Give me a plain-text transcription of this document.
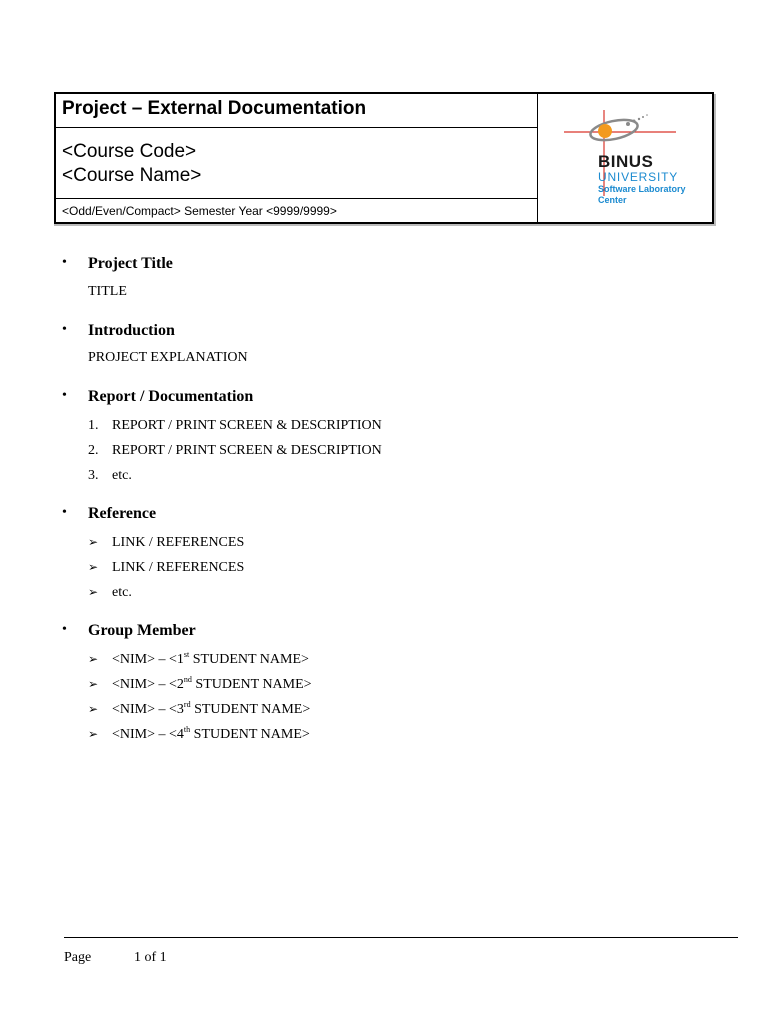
Project – External Documentation
<Course Code>
<Course Name>
<Odd/Even/Compact> Semester Year <9999/9999>
BINUS
UNIVERSITY
Software Laboratory
Center
• Project Title
TITLE
• Introduction
PROJECT EXPLANATION
• Report / Documentation
1. REPORT / PRINT SCREEN & DESCRIPTION
2. REPORT / PRINT SCREEN & DESCRIPTION
3. etc.
• Reference
➢ LINK / REFERENCES
➢ LINK / REFERENCES
➢ etc.
• Group Member
➢ <NIM> – <1st STUDENT NAME>
➢ <NIM> – <2nd STUDENT NAME>
➢ <NIM> – <3rd STUDENT NAME>
➢ <NIM> – <4th STUDENT NAME>
Page	1 of 1
